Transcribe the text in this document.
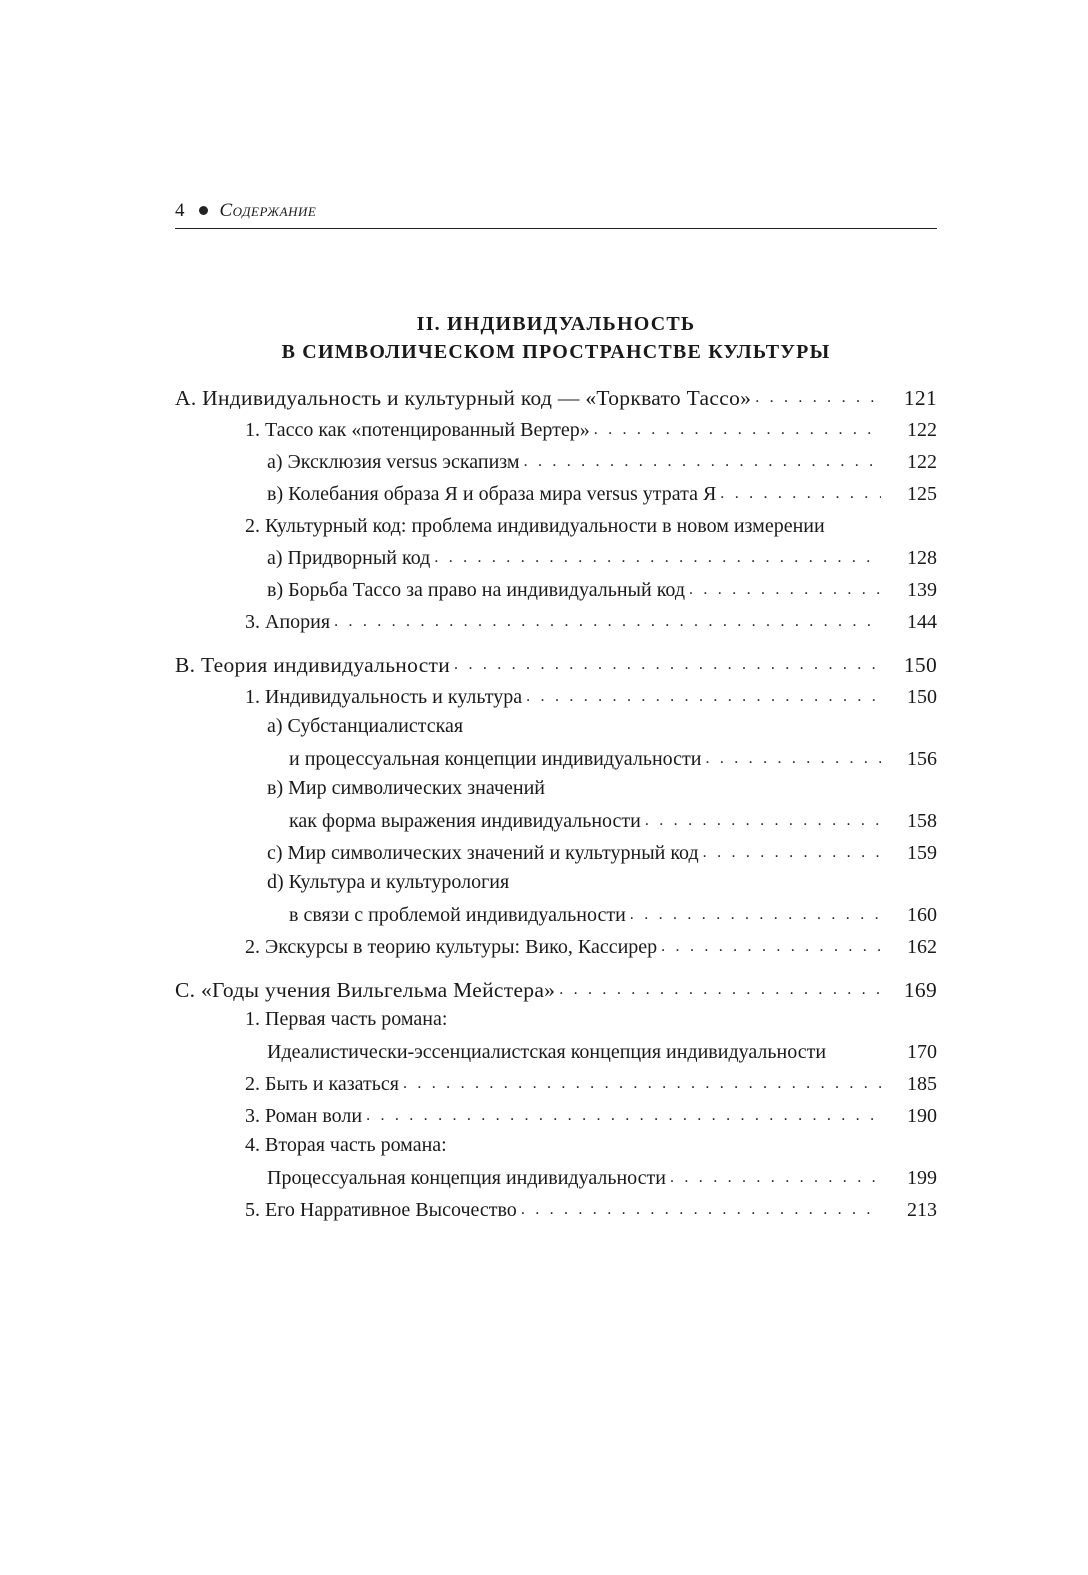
4 Содержание
II. ИНДИВИДУАЛЬНОСТЬ
В СИМВОЛИЧЕСКОМ ПРОСТРАНСТВЕ КУЛЬТУРЫ
А. Индивидуальность и культурный код — «Торквато Тассо» . . .	121
1. Тассо как «потенцированный Вертер» . . .	122
а) Эксклюзия versus эскапизм . . .	122
в) Колебания образа Я и образа мира versus утрата Я . . .	125
2. Культурный код: проблема индивидуальности в новом измерении
а) Придворный код . . .	128
в) Борьба Тассо за право на индивидуальный код . . .	139
3. Апория . . .	144
В. Теория индивидуальности . . .	150
1. Индивидуальность и культура . . .	150
а) Субстанциалистская
и процессуальная концепции индивидуальности . . .	156
в) Мир символических значений
как форма выражения индивидуальности . . .	158
с) Мир символических значений и культурный код . . .	159
d) Культура и культурология
в связи с проблемой индивидуальности . . .	160
2. Экскурсы в теорию культуры: Вико, Кассирер . . .	162
С. «Годы учения Вильгельма Мейстера» . . .	169
1. Первая часть романа:
Идеалистически-эссенциалистская концепция индивидуальности	170
2. Быть и казаться . . .	185
3. Роман воли . . .	190
4. Вторая часть романа:
Процессуальная концепция индивидуальности . . .	199
5. Его Нарративное Высочество . . .	213
